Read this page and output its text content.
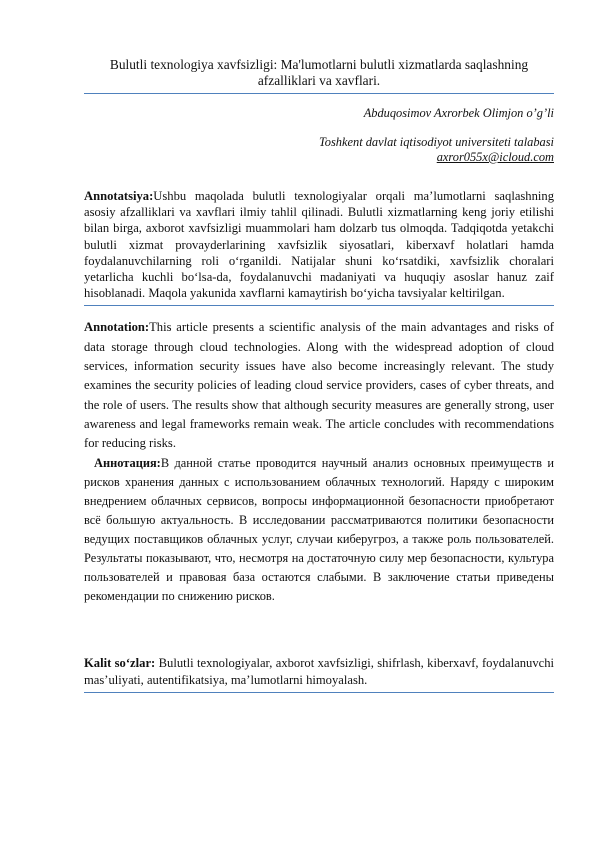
Bulutli texnologiya xavfsizligi: Ma'lumotlarni bulutli xizmatlarda saqlashning afzalliklari va xavflari.
Abduqosimov Axrorbek Olimjon o’g’li
Toshkent davlat iqtisodiyot universiteti talabasi
axror055x@icloud.com
Annotatsiya:Ushbu maqolada bulutli texnologiyalar orqali ma’lumotlarni saqlashning asosiy afzalliklari va xavflari ilmiy tahlil qilinadi. Bulutli xizmatlarning keng joriy etilishi bilan birga, axborot xavfsizligi muammolari ham dolzarb tus olmoqda. Tadqiqotda yetakchi bulutli xizmat provayderlarining xavfsizlik siyosatlari, kiberxavf holatlari hamda foydalanuvchilarning roli o‘rganildi. Natijalar shuni ko‘rsatdiki, xavfsizlik choralari yetarlicha kuchli bo‘lsa-da, foydalanuvchi madaniyati va huquqiy asoslar hanuz zaif hisoblanadi. Maqola yakunida xavflarni kamaytirish bo‘yicha tavsiyalar keltirilgan.
Annotation:This article presents a scientific analysis of the main advantages and risks of data storage through cloud technologies. Along with the widespread adoption of cloud services, information security issues have also become increasingly relevant. The study examines the security policies of leading cloud service providers, cases of cyber threats, and the role of users. The results show that although security measures are generally strong, user awareness and legal frameworks remain weak. The article concludes with recommendations for reducing risks.
Аннотация:В данной статье проводится научный анализ основных преимуществ и рисков хранения данных с использованием облачных технологий. Наряду с широким внедрением облачных сервисов, вопросы информационной безопасности приобретают всё большую актуальность. В исследовании рассматриваются политики безопасности ведущих поставщиков облачных услуг, случаи киберугроз, а также роль пользователей. Результаты показывают, что, несмотря на достаточную силу мер безопасности, культура пользователей и правовая база остаются слабыми. В заключение статьи приведены рекомендации по снижению рисков.
Kalit so‘zlar: Bulutli texnologiyalar, axborot xavfsizligi, shifrlash, kiberxavf, foydalanuvchi mas’uliyati, autentifikatsiya, ma’lumotlarni himoyalash.
